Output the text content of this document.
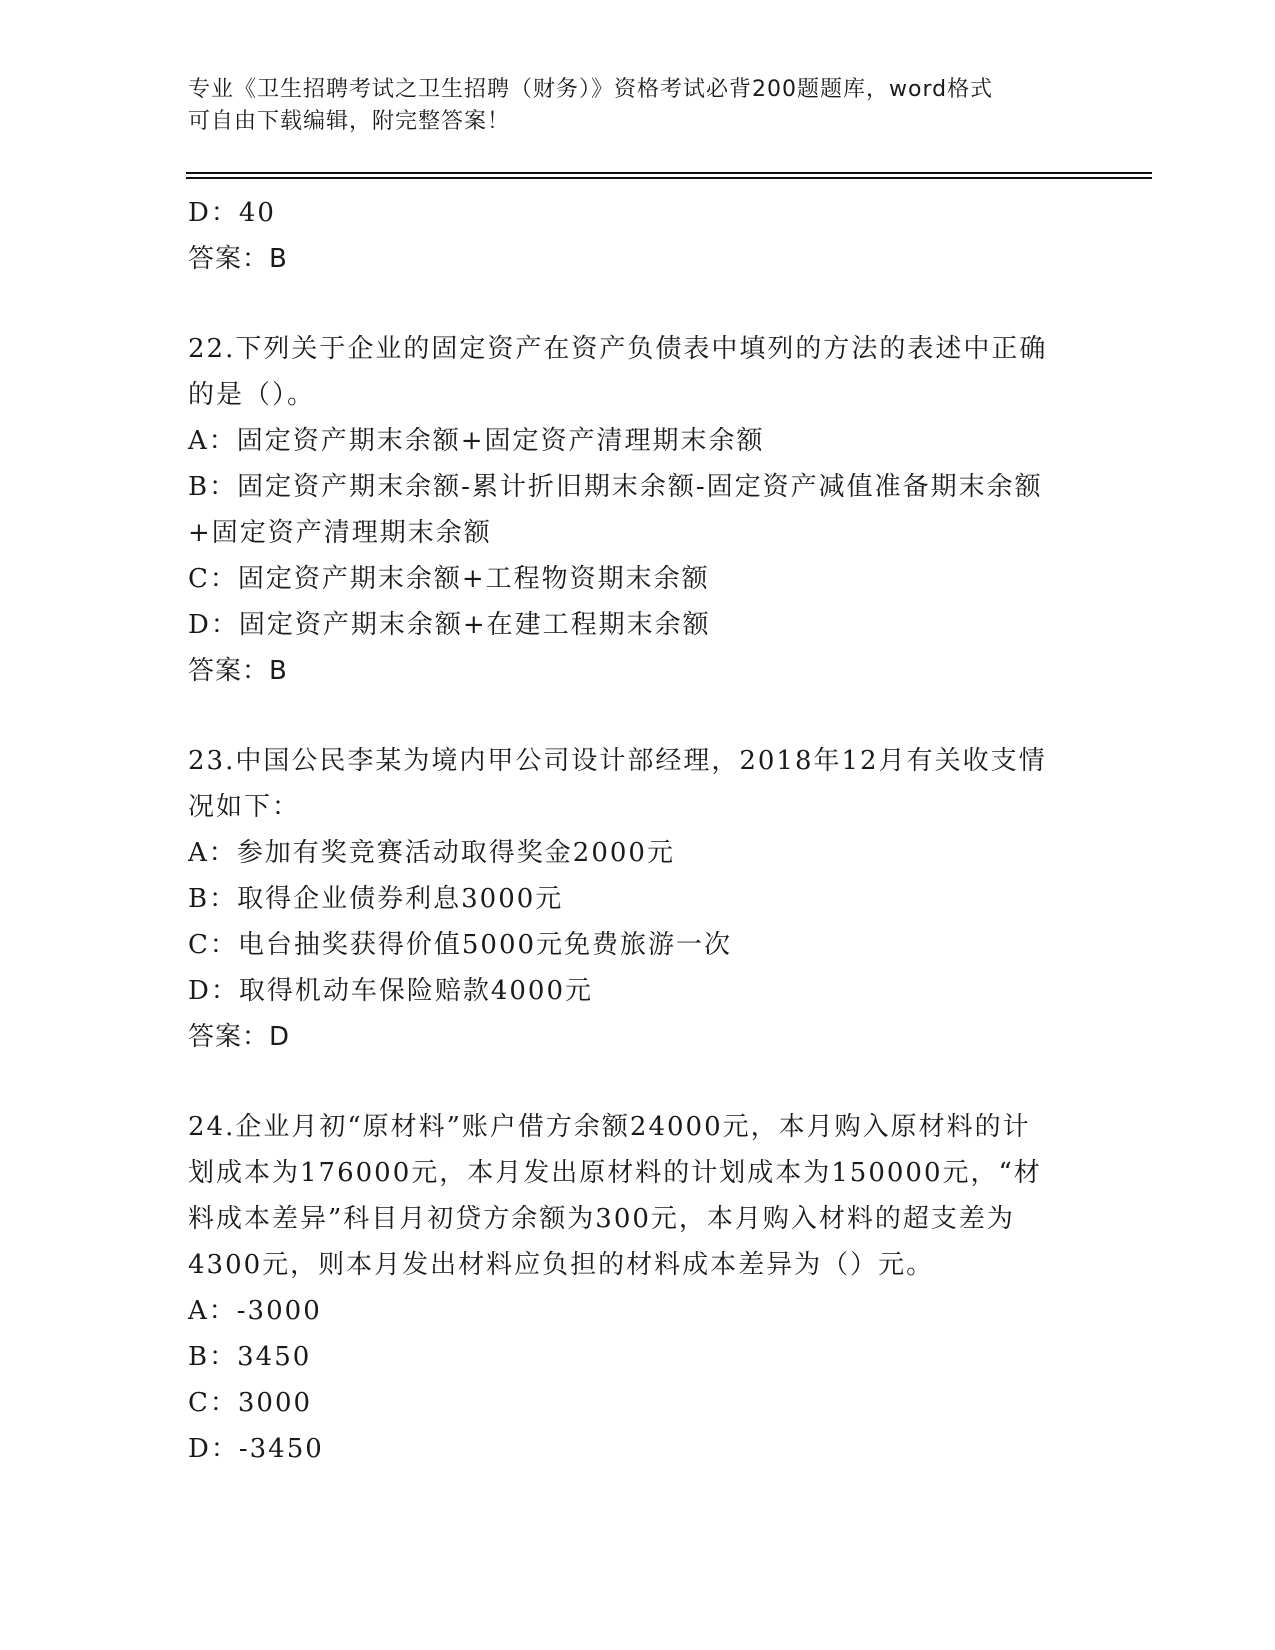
专业《卫生招聘考试之卫生招聘（财务）》资格考试必背200题题库，word格式
可自由下载编辑，附完整答案！
D：40
答案：B
22.下列关于企业的固定资产在资产负债表中填列的方法的表述中正确
的是（）。
A：固定资产期末余额+固定资产清理期末余额
B：固定资产期末余额-累计折旧期末余额-固定资产减值准备期末余额
+固定资产清理期末余额
C：固定资产期末余额+工程物资期末余额
D：固定资产期末余额+在建工程期末余额
答案：B
23.中国公民李某为境内甲公司设计部经理，2018年12月有关收支情
况如下：
A：参加有奖竞赛活动取得奖金2000元
B：取得企业债券利息3000元
C：电台抽奖获得价值5000元免费旅游一次
D：取得机动车保险赔款4000元
答案：D
24.企业月初“原材料”账户借方余额24000元，本月购入原材料的计
划成本为176000元，本月发出原材料的计划成本为150000元，“材
料成本差异”科目月初贷方余额为300元，本月购入材料的超支差为
4300元，则本月发出材料应负担的材料成本差异为（）元。
A：-3000
B：3450
C：3000
D：-3450
